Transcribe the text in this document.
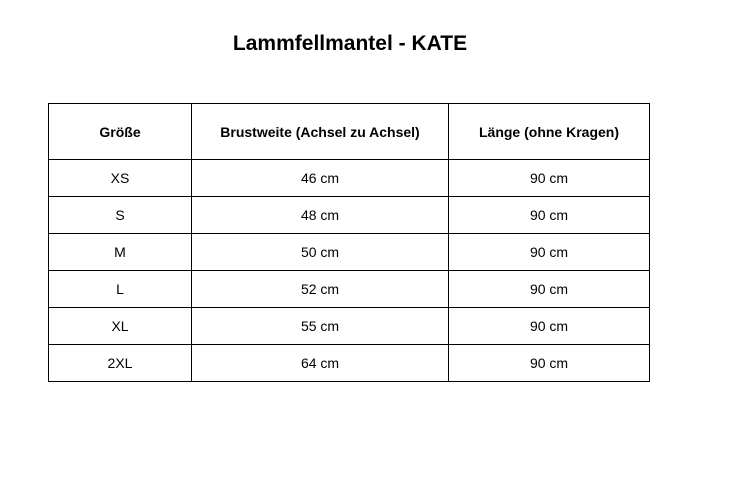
Lammfellmantel - KATE
Größe	Brustweite (Achsel zu Achsel)	Länge (ohne Kragen)
XS	46 cm	90 cm
S	48 cm	90 cm
M	50 cm	90 cm
L	52 cm	90 cm
XL	55 cm	90 cm
2XL	64 cm	90 cm
